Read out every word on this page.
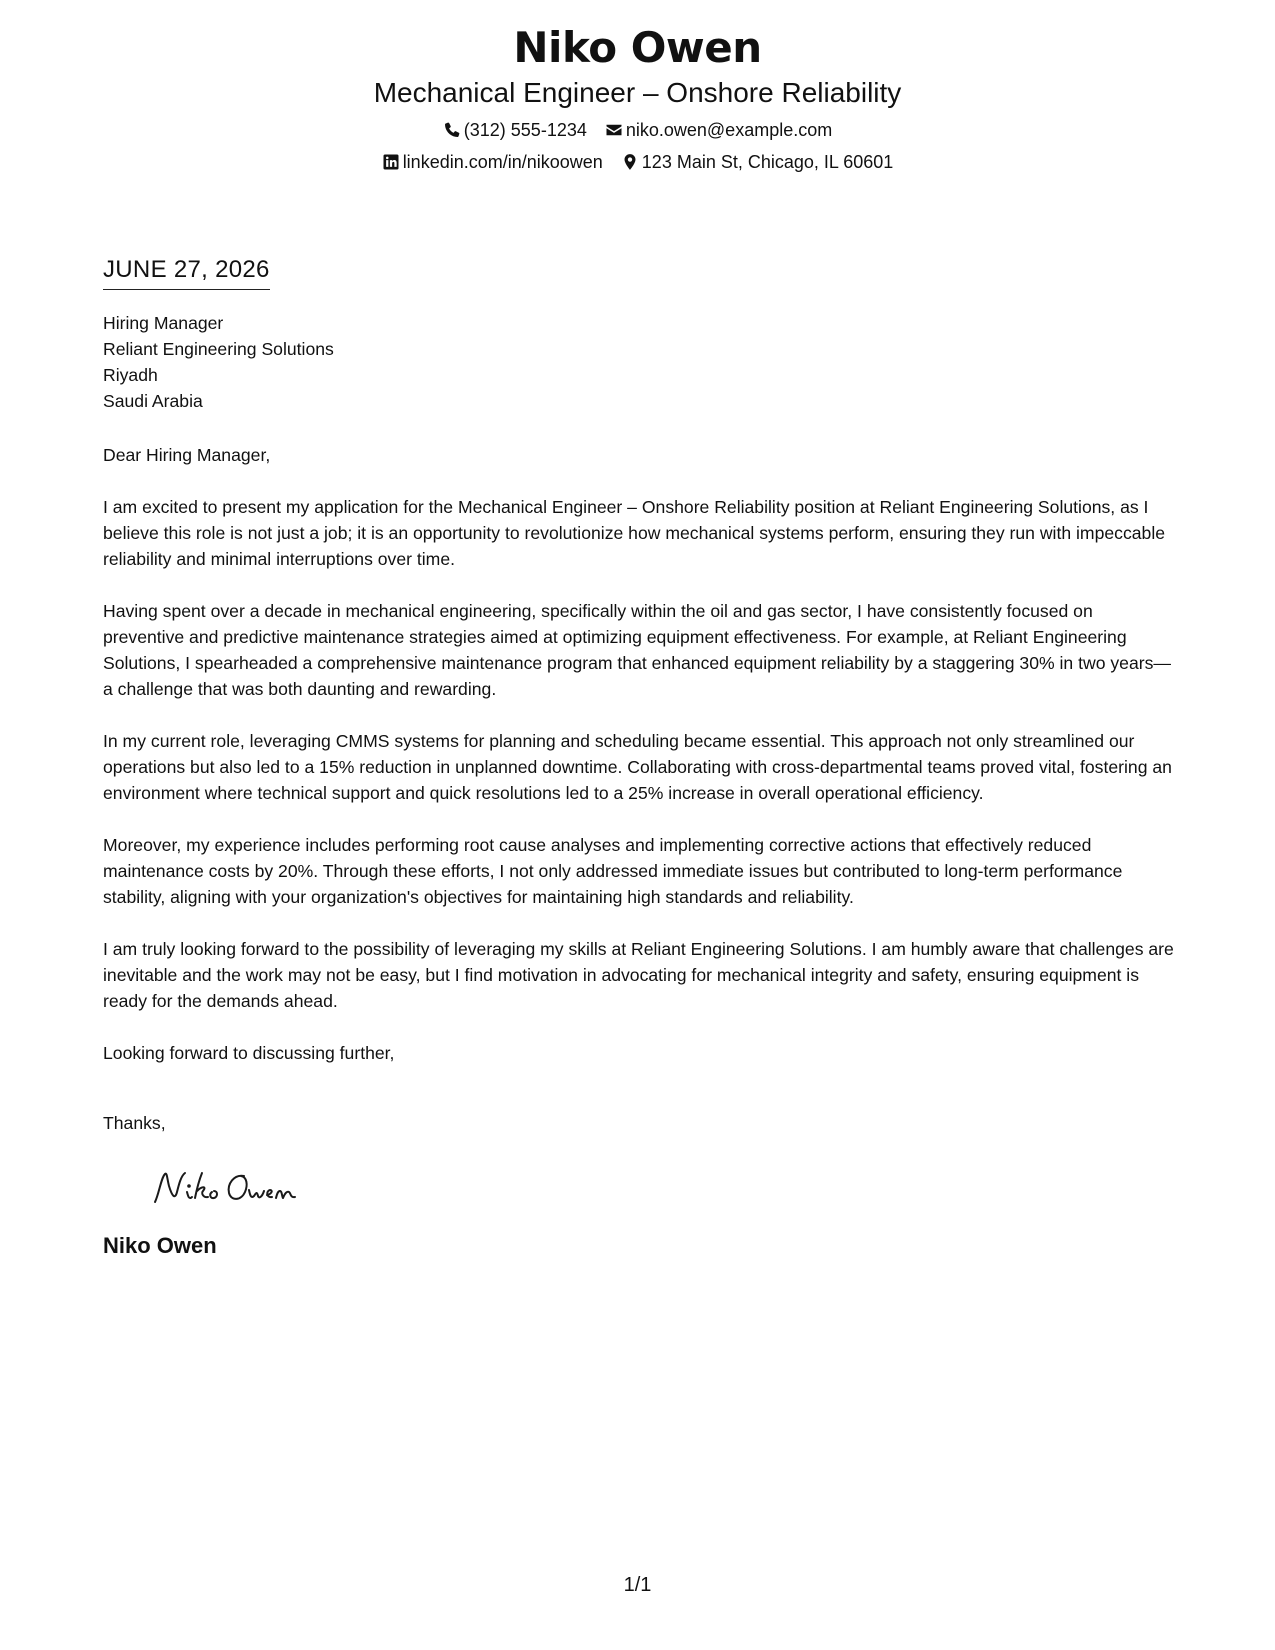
Niko Owen
Mechanical Engineer – Onshore Reliability
(312) 555-1234 niko.owen@example.com
linkedin.com/in/nikoowen 123 Main St, Chicago, IL 60601
JUNE 27, 2026
Hiring Manager
Reliant Engineering Solutions
Riyadh
Saudi Arabia
Dear Hiring Manager,
I am excited to present my application for the Mechanical Engineer – Onshore Reliability position at Reliant Engineering Solutions, as I believe this role is not just a job; it is an opportunity to revolutionize how mechanical systems perform, ensuring they run with impeccable reliability and minimal interruptions over time.
Having spent over a decade in mechanical engineering, specifically within the oil and gas sector, I have consistently focused on preventive and predictive maintenance strategies aimed at optimizing equipment effectiveness. For example, at Reliant Engineering Solutions, I spearheaded a comprehensive maintenance program that enhanced equipment reliability by a staggering 30% in two years—a challenge that was both daunting and rewarding.
In my current role, leveraging CMMS systems for planning and scheduling became essential. This approach not only streamlined our operations but also led to a 15% reduction in unplanned downtime. Collaborating with cross-departmental teams proved vital, fostering an environment where technical support and quick resolutions led to a 25% increase in overall operational efficiency.
Moreover, my experience includes performing root cause analyses and implementing corrective actions that effectively reduced maintenance costs by 20%. Through these efforts, I not only addressed immediate issues but contributed to long-term performance stability, aligning with your organization's objectives for maintaining high standards and reliability.
I am truly looking forward to the possibility of leveraging my skills at Reliant Engineering Solutions. I am humbly aware that challenges are inevitable and the work may not be easy, but I find motivation in advocating for mechanical integrity and safety, ensuring equipment is ready for the demands ahead.
Looking forward to discussing further,
Thanks,
Niko Owen
1/1
